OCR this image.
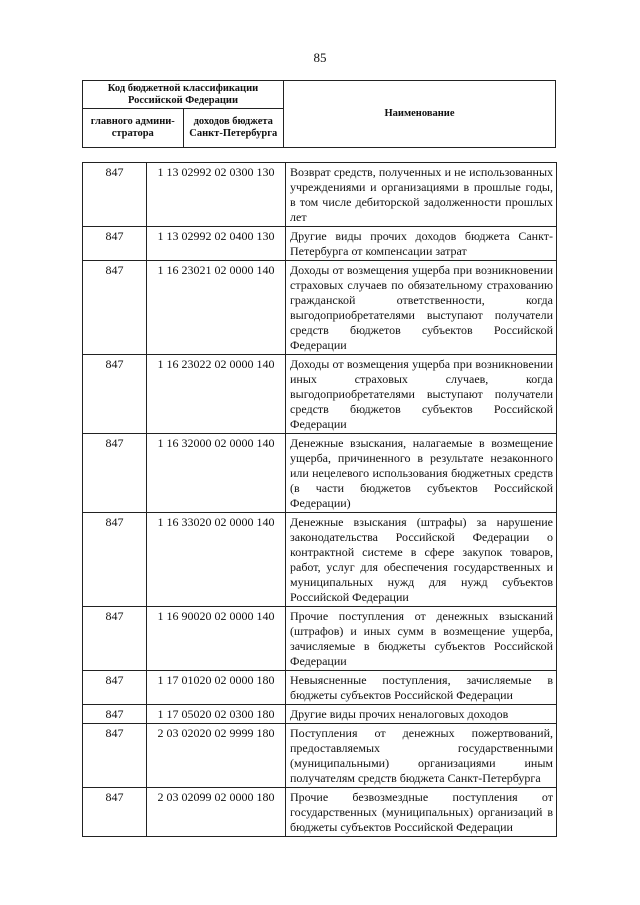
85
Код бюджетной классификации Российской Федерации		Наименование
главного админи-стратора	доходов бюджета Санкт-Петербурга	
847	1 13 02992 02 0300 130	Возврат средств, полученных и не использованных учреждениями и организациями в прошлые годы, в том числе дебиторской задолженности прошлых лет

847	1 13 02992 02 0400 130	Другие виды прочих доходов бюджета Санкт-Петербурга от компенсации затрат

847	1 16 23021 02 0000 140	Доходы от возмещения ущерба при возникновении страховых случаев по обязательному страхованию гражданской ответственности, когда выгодоприобретателями выступают получатели средств бюджетов субъектов Российской Федерации

847	1 16 23022 02 0000 140	Доходы от возмещения ущерба при возникновении иных страховых случаев, когда выгодоприобретателями выступают получатели средств бюджетов субъектов Российской Федерации

847	1 16 32000 02 0000 140	Денежные взыскания, налагаемые в возмещение ущерба, причиненного в результате незаконного или нецелевого использования бюджетных средств (в части бюджетов субъектов Российской Федерации)

847	1 16 33020 02 0000 140	Денежные взыскания (штрафы) за нарушение законодательства Российской Федерации о контрактной системе в сфере закупок товаров, работ, услуг для обеспечения государственных и муниципальных нужд для нужд субъектов Российской Федерации

847	1 16 90020 02 0000 140	Прочие поступления от денежных взысканий (штрафов) и иных сумм в возмещение ущерба, зачисляемые в бюджеты субъектов Российской Федерации

847	1 17 01020 02 0000 180	Невыясненные поступления, зачисляемые в бюджеты субъектов Российской Федерации

847	1 17 05020 02 0300 180	Другие виды прочих неналоговых доходов

847	2 03 02020 02 9999 180	Поступления от денежных пожертвований, предоставляемых государственными (муниципальными) организациями иным получателям средств бюджета Санкт-Петербурга

847	2 03 02099 02 0000 180	Прочие безвозмездные поступления от государственных (муниципальных) организаций в бюджеты субъектов Российской Федерации
